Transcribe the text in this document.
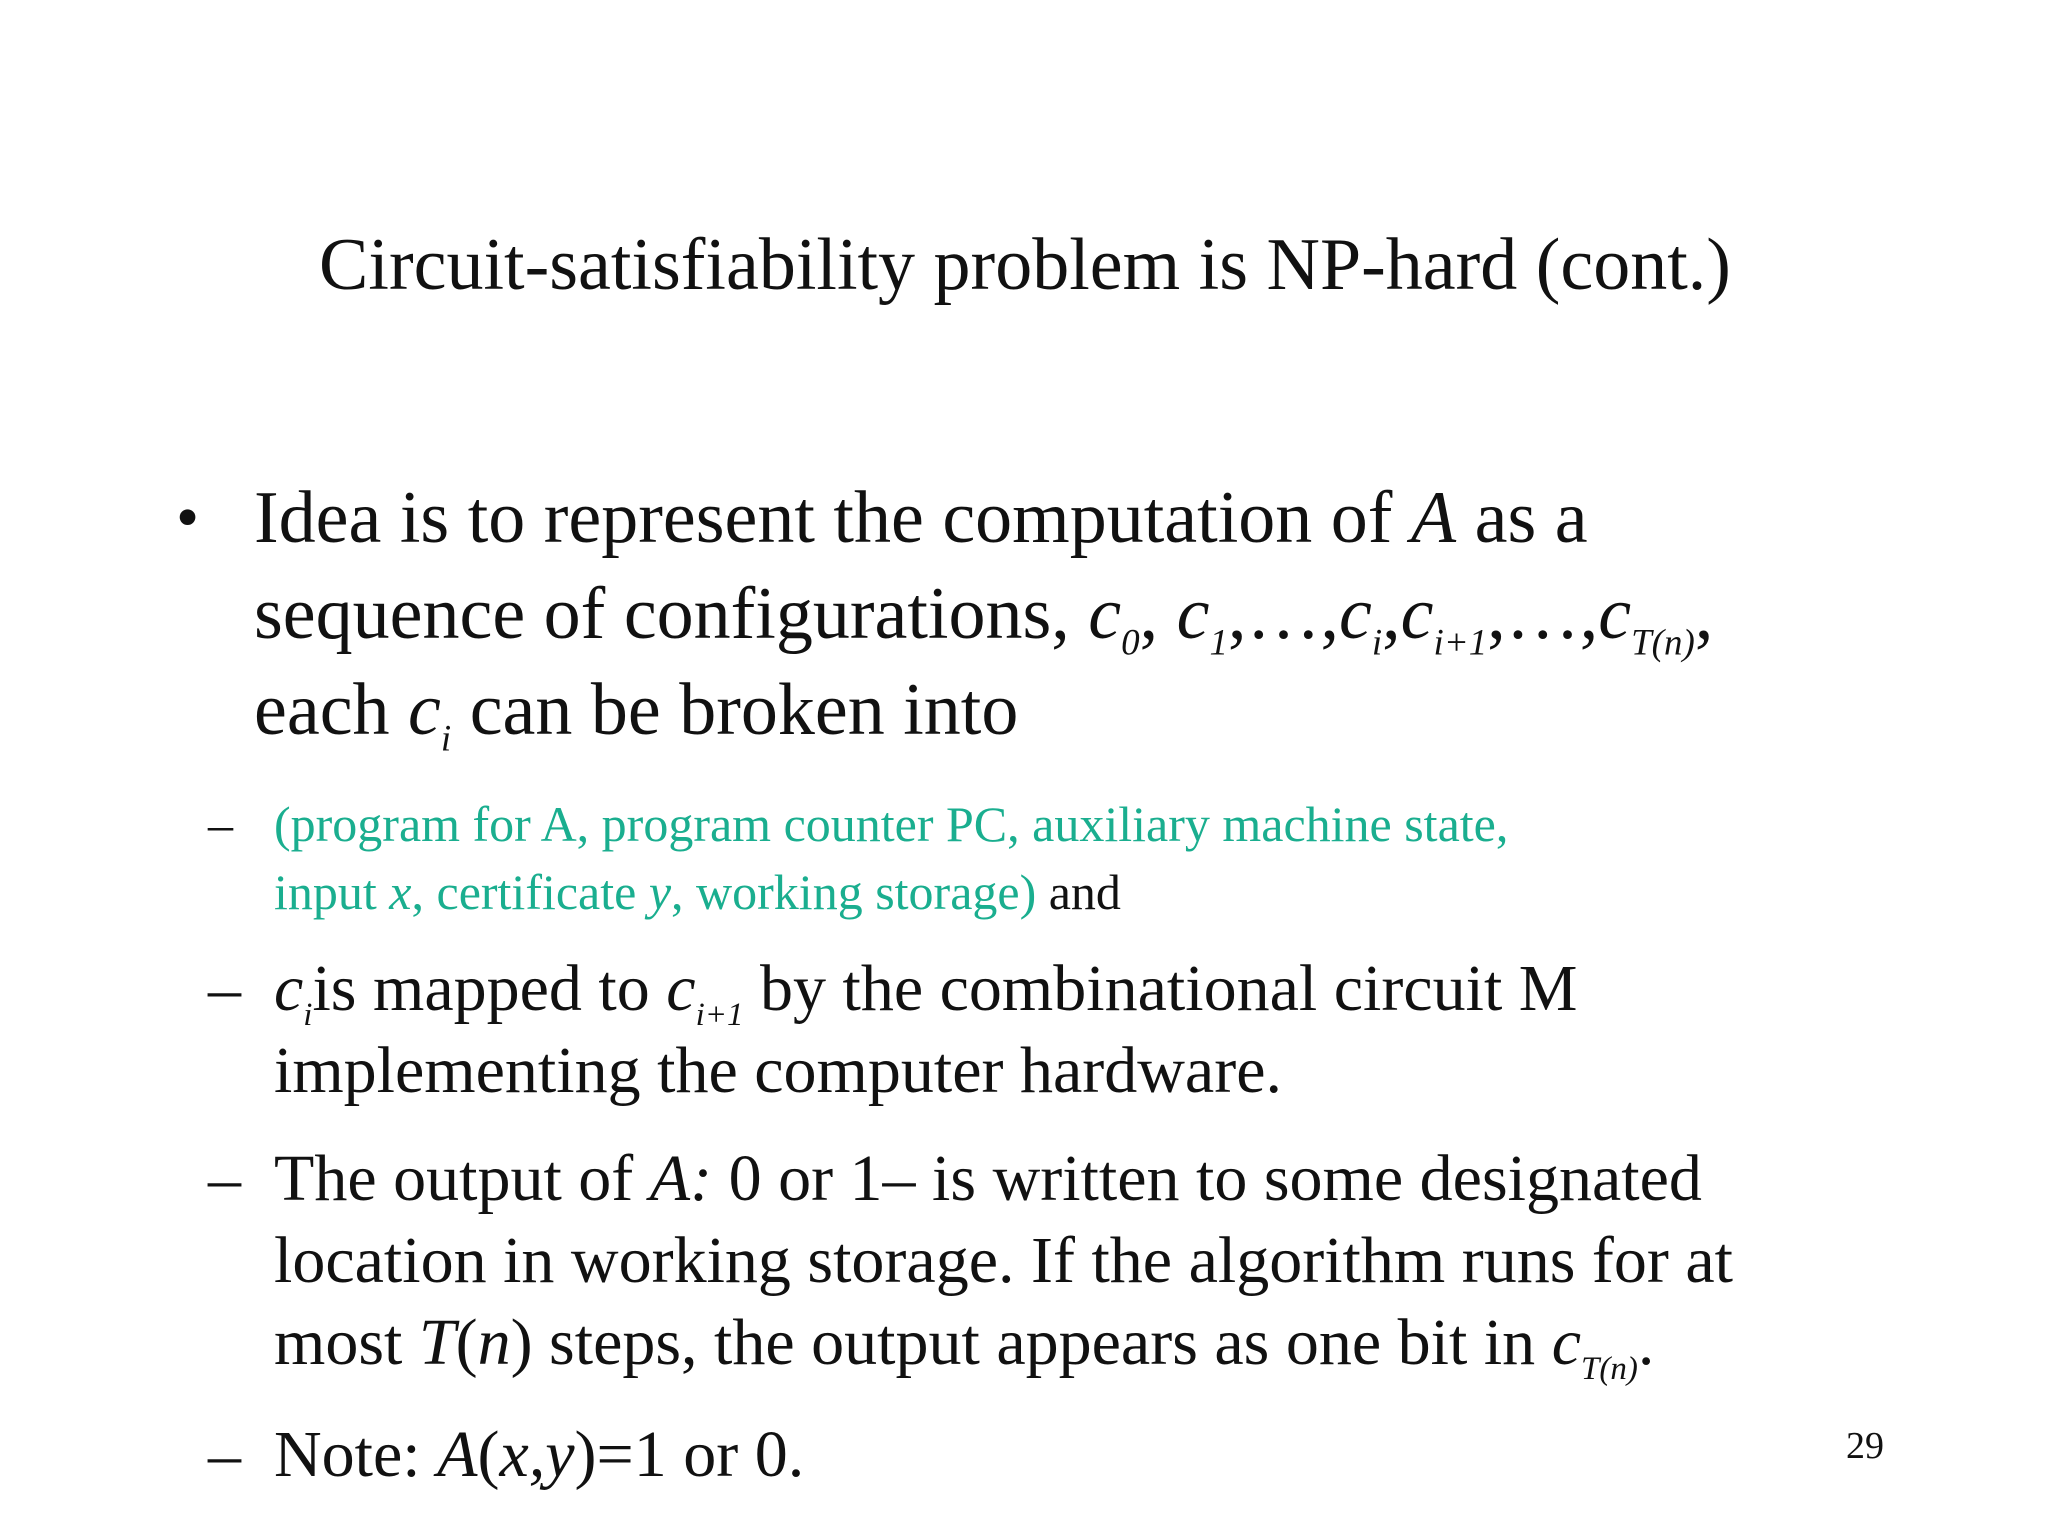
Circuit-satisfiability problem is NP-hard (cont.)
• Idea is to represent the computation of A as a
sequence of configurations, $c_0$, $c_1,\dots,c_i,c_{i+1},\dots,c_{T(n)}$,
each $c_i$ can be broken into
– (program for A, program counter PC, auxiliary machine state,
input x, certificate y, working storage) and
– $c_iis$ mapped to $c_{i+1}$ by the combinational circuit M
implementing the computer hardware.
– The output of A: 0 or 1– is written to some designated
location in working storage. If the algorithm runs for at
most T(n) steps, the output appears as one bit in $c_{T(n)}$.
– Note: A(x,y)=1 or 0.	29
